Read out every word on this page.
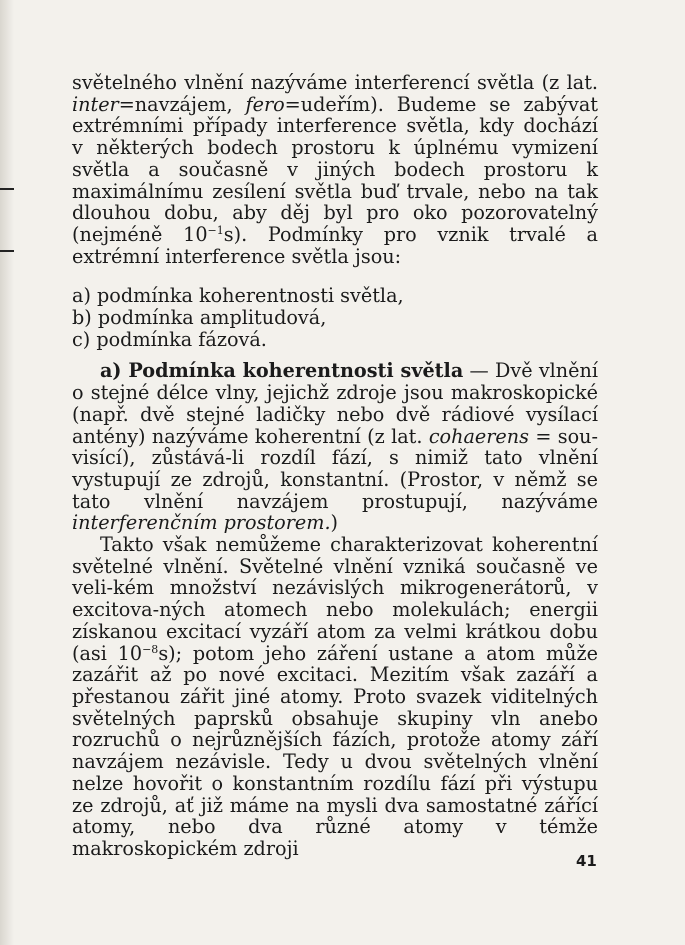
světelného vlnění nazýváme interferencí světla (z lat. inter=navzájem, fero=udeřím). Budeme se zabývat extrémními případy interference světla, kdy dochází v některých bodech prostoru k úplnému vymizení světla a současně v jiných bodech prostoru k maximálnímu zesílení světla buď trvale, nebo na tak dlouhou dobu, aby děj byl pro oko pozorovatelný (nejméně $10^{-1}s$). Podmínky pro vznik trvalé a extrémní interference světla jsou:

a) podmínka koherentnosti světla,
b) podmínka amplitudová,
c) podmínka fázová.

a) Podmínka koherentnosti světla — Dvě vlnění o stejné délce vlny, jejichž zdroje jsou makroskopické (např. dvě stejné ladičky nebo dvě rádiové vysílací antény) nazýváme koherentní (z lat. cohaerens = sou-visící), zůstává-li rozdíl fází, s nimiž tato vlnění vystupují ze zdrojů, konstantní. (Prostor, v němž se tato vlnění navzájem prostupují, nazýváme interferenčním prostorem.)

Takto však nemůžeme charakterizovat koherentní světelné vlnění. Světelné vlnění vzniká současně ve veli-kém množství nezávislých mikrogenerátorů, v excitova-ných atomech nebo molekulách; energii získanou excitací vyzáří atom za velmi krátkou dobu (asi $10^{-8}s$); potom jeho záření ustane a atom může zazářit až po nové excitaci. Mezitím však zazáří a přestanou zářit jiné atomy. Proto svazek viditelných světelných paprsků obsahuje skupiny vln anebo rozruchů o nejrůznějších fázích, protože atomy září navzájem nezávisle. Tedy u dvou světelných vlnění nelze hovořit o konstantním rozdílu fází při výstupu ze zdrojů, ať již máme na mysli dva samostatné zářící atomy, nebo dva různé atomy v témže makroskopickém zdroji

41
